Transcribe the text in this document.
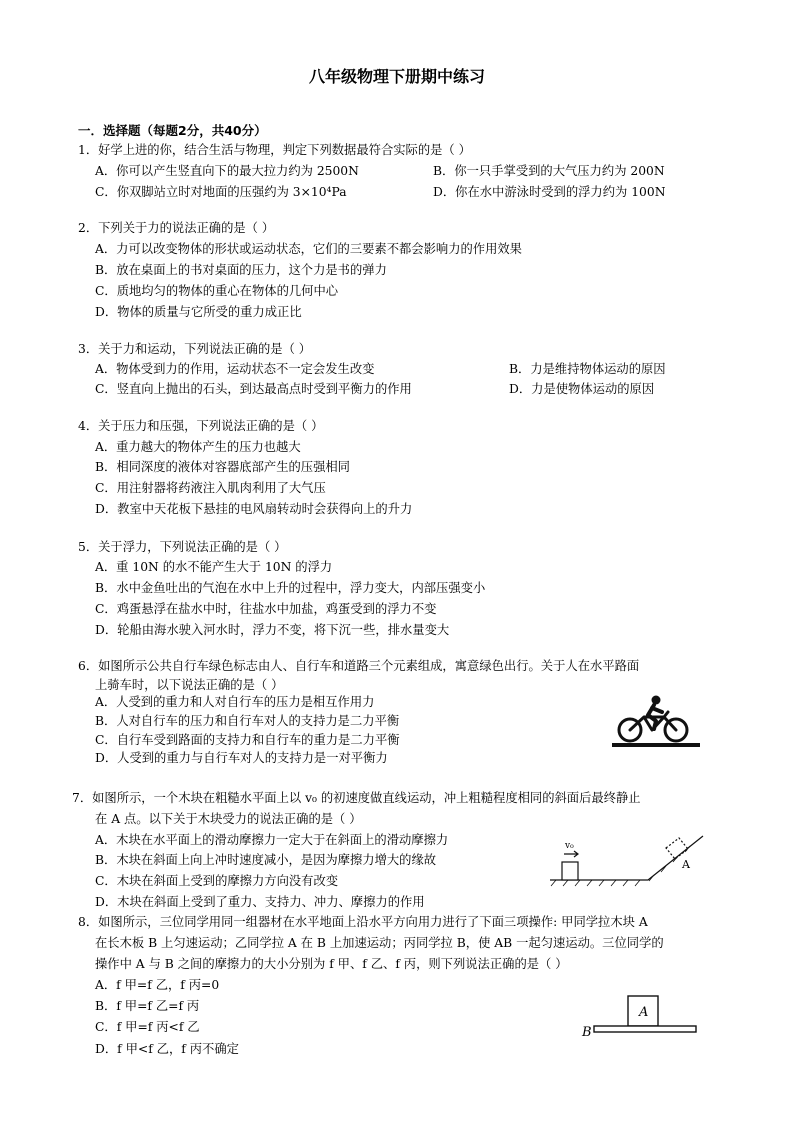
八年级物理下册期中练习
一．选择题（每题2分，共40分）
1．好学上进的你，结合生活与物理，判定下列数据最符合实际的是（ ）
A．你可以产生竖直向下的最大拉力约为 2500N	B．你一只手掌受到的大气压力约为 200N
C．你双脚站立时对地面的压强约为 3×10⁴Pa	D．你在水中游泳时受到的浮力约为 100N
2．下列关于力的说法正确的是（ ）
A．力可以改变物体的形状或运动状态，它们的三要素不都会影响力的作用效果
B．放在桌面上的书对桌面的压力，这个力是书的弹力
C．质地均匀的物体的重心在物体的几何中心
D．物体的质量与它所受的重力成正比
3．关于力和运动，下列说法正确的是（ ）
A．物体受到力的作用，运动状态不一定会发生改变	B．力是维持物体运动的原因
C．竖直向上抛出的石头，到达最高点时受到平衡力的作用	D．力是使物体运动的原因
4．关于压力和压强，下列说法正确的是（ ）
A．重力越大的物体产生的压力也越大
B．相同深度的液体对容器底部产生的压强相同
C．用注射器将药液注入肌肉利用了大气压
D．教室中天花板下悬挂的电风扇转动时会获得向上的升力
5．关于浮力，下列说法正确的是（ ）
A．重 10N 的水不能产生大于 10N 的浮力
B．水中金鱼吐出的气泡在水中上升的过程中，浮力变大，内部压强变小
C．鸡蛋悬浮在盐水中时，往盐水中加盐，鸡蛋受到的浮力不变
D．轮船由海水驶入河水时，浮力不变，将下沉一些，排水量变大
6．如图所示公共自行车绿色标志由人、自行车和道路三个元素组成，寓意绿色出行。关于人在水平路面
上骑车时，以下说法正确的是（ ）
A．人受到的重力和人对自行车的压力是相互作用力
B．人对自行车的压力和自行车对人的支持力是二力平衡
C．自行车受到路面的支持力和自行车的重力是二力平衡
D．人受到的重力与自行车对人的支持力是一对平衡力
7．如图所示，一个木块在粗糙水平面上以 v₀ 的初速度做直线运动，冲上粗糙程度相同的斜面后最终静止
在 A 点。以下关于木块受力的说法正确的是（ ）
A．木块在水平面上的滑动摩擦力一定大于在斜面上的滑动摩擦力
B．木块在斜面上向上冲时速度减小，是因为摩擦力增大的缘故
C．木块在斜面上受到的摩擦力方向没有改变
D．木块在斜面上受到了重力、支持力、冲力、摩擦力的作用
v₀
A
8．如图所示，三位同学用同一组器材在水平地面上沿水平方向用力进行了下面三项操作: 甲同学拉木块 A
在长木板 B 上匀速运动；乙同学拉 A 在 B 上加速运动；丙同学拉 B，使 AB 一起匀速运动。三位同学的
操作中 A 与 B 之间的摩擦力的大小分别为 f 甲、f 乙、f 丙，则下列说法正确的是（ ）
A．f 甲=f 乙，f 丙=0
B．f 甲=f 乙=f 丙
C．f 甲=f 丙<f 乙
D．f 甲<f 乙，f 丙不确定
A
B
